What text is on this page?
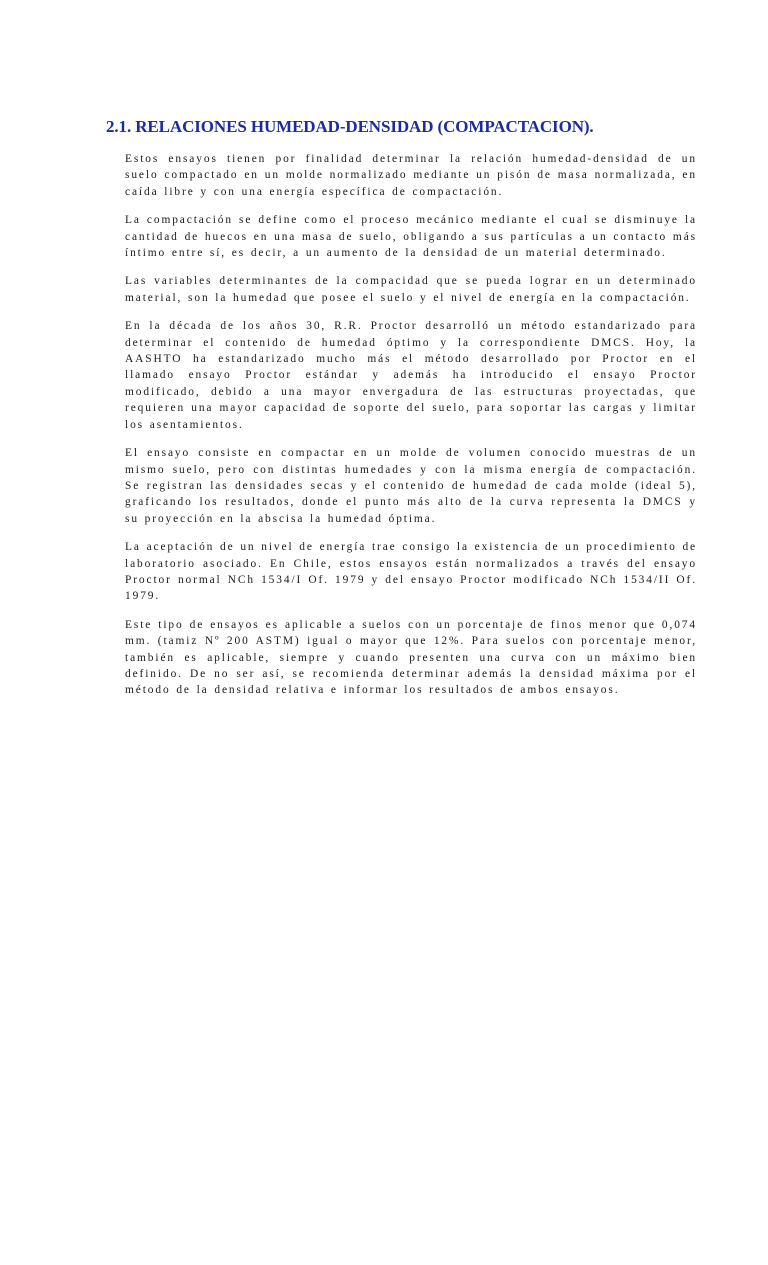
2.1. RELACIONES HUMEDAD-DENSIDAD (COMPACTACION).

Estos ensayos tienen por finalidad determinar la relación humedad-densidad de un suelo compactado en un molde normalizado mediante un pisón de masa normalizada, en caída libre y con una energía específica de compactación.

La compactación se define como el proceso mecánico mediante el cual se disminuye la cantidad de huecos en una masa de suelo, obligando a sus partículas a un contacto más íntimo entre sí, es decir, a un aumento de la densidad de un material determinado.

Las variables determinantes de la compacidad que se pueda lograr en un determinado material, son la humedad que posee el suelo y el nivel de energía en la compactación.

En la década de los años 30, R.R. Proctor desarrolló un método estandarizado para determinar el contenido de humedad óptimo y la correspondiente DMCS. Hoy, la AASHTO ha estandarizado mucho más el método desarrollado por Proctor en el llamado ensayo Proctor estándar y además ha introducido el ensayo Proctor modificado, debido a una mayor envergadura de las estructuras proyectadas, que requieren una mayor capacidad de soporte del suelo, para soportar las cargas y limitar los asentamientos.

El ensayo consiste en compactar en un molde de volumen conocido muestras de un mismo suelo, pero con distintas humedades y con la misma energía de compactación. Se registran las densidades secas y el contenido de humedad de cada molde (ideal 5), graficando los resultados, donde el punto más alto de la curva representa la DMCS y su proyección en la abscisa la humedad óptima.

La aceptación de un nivel de energía trae consigo la existencia de un procedimiento de laboratorio asociado. En Chile, estos ensayos están normalizados a través del ensayo Proctor normal NCh 1534/I Of. 1979 y del ensayo Proctor modificado NCh 1534/II Of. 1979.

Este tipo de ensayos es aplicable a suelos con un porcentaje de finos menor que 0,074 mm. (tamiz Nº 200 ASTM) igual o mayor que 12%. Para suelos con porcentaje menor, también es aplicable, siempre y cuando presenten una curva con un máximo bien definido. De no ser así, se recomienda determinar además la densidad máxima por el método de la densidad relativa e informar los resultados de ambos ensayos.
